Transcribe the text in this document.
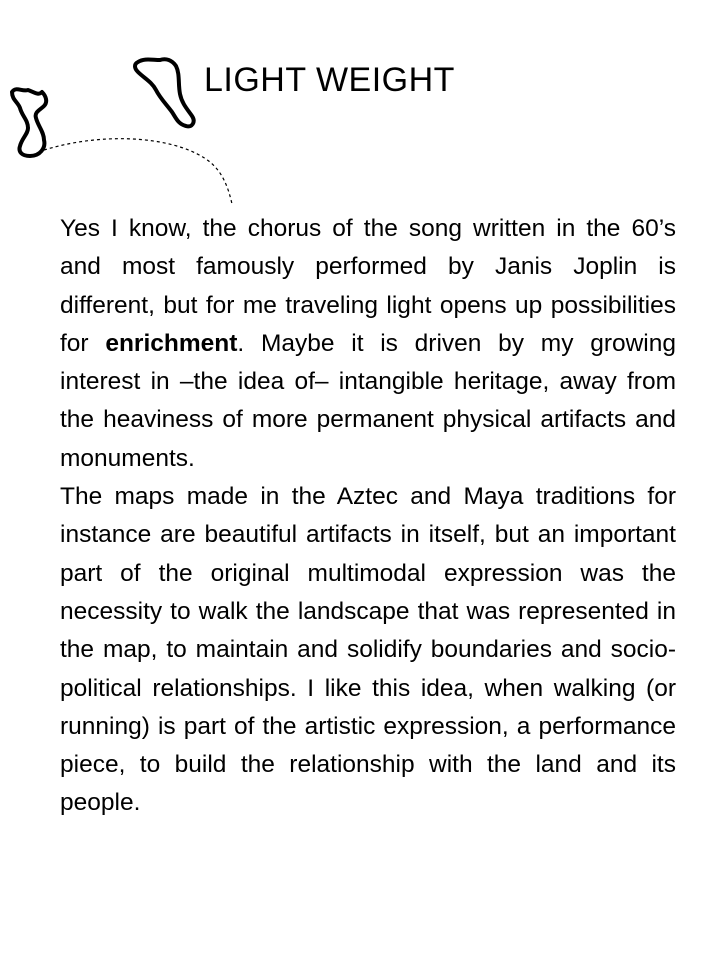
LIGHT WEIGHT

Yes I know, the chorus of the song written in the 60’s and most famously performed by Janis Joplin is different, but for me traveling light opens up possibilities for enrichment. Maybe it is driven by my growing interest in –the idea of– intangible heritage, away from the heaviness of more permanent physical artifacts and monuments.

The maps made in the Aztec and Maya traditions for instance are beautiful artifacts in itself, but an important part of the original multimodal expression was the necessity to walk the landscape that was represented in the map, to maintain and solidify boundaries and socio-political relationships. I like this idea, when walking (or running) is part of the artistic expression, a performance piece, to build the relationship with the land and its people.
